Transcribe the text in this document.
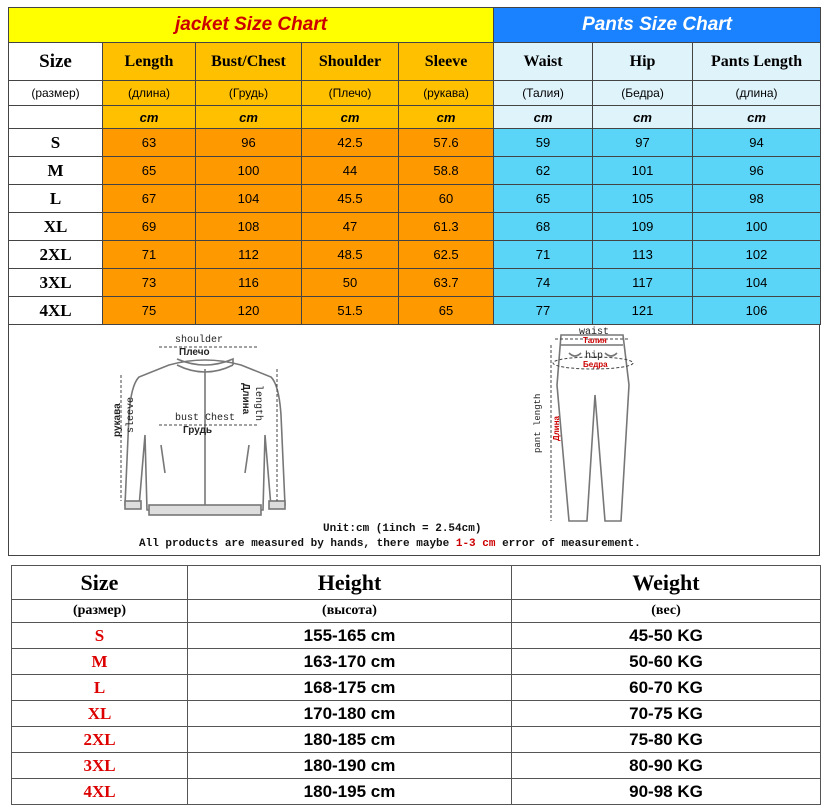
jacket Size Chart					Pants Size Chart		
Size	Length	Bust/Chest	Shoulder	Sleeve	Waist	Hip	Pants Length
(размер)	(длина)	(Грудь)	(Плечо)	(рукава)	(Талия)	(Бедра)	(длина)
	cm	cm	cm	cm	cm	cm	cm
S	63	96	42.5	57.6	59	97	94
M	65	100	44	58.8	62	101	96
L	67	104	45.5	60	65	105	98
XL	69	108	47	61.3	68	109	100
2XL	71	112	48.5	62.5	71	113	102
3XL	73	116	50	63.7	74	117	104
4XL	75	120	51.5	65	77	121	106
shoulder
Плечо
bust Chest
Грудь
length
Длина
sleeve
рукава
waist
Талия
hip
Бедра
pant length Длина
Unit:cm (1inch = 2.54cm)
All products are measured by hands, there maybe 1-3 cm error of measurement.
Size	Height	Weight
(размер)	(высота)	(вес)
S	155-165 cm	45-50 KG
M	163-170 cm	50-60 KG
L	168-175 cm	60-70 KG
XL	170-180 cm	70-75 KG
2XL	180-185 cm	75-80 KG
3XL	180-190 cm	80-90 KG
4XL	180-195 cm	90-98 KG
